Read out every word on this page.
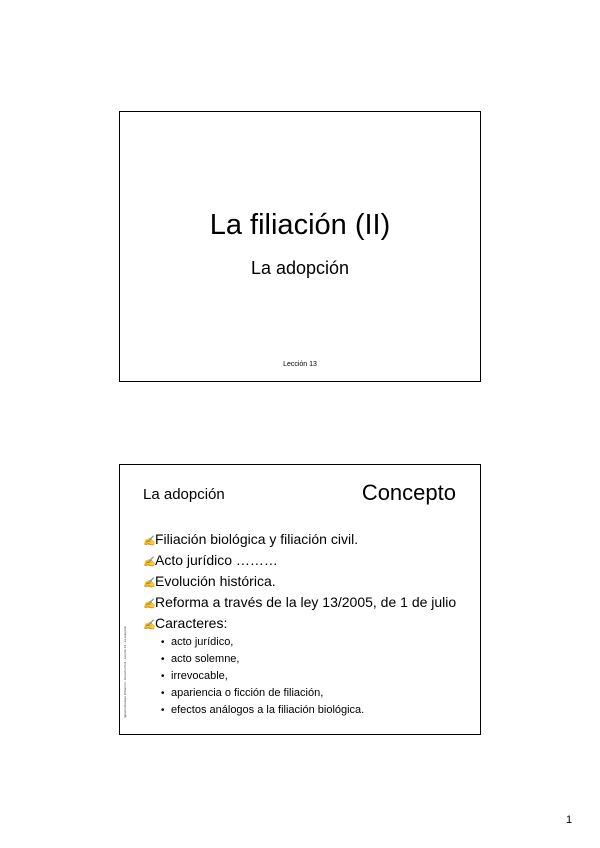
La filiación (II)
La adopción
Lección 13
La adopción	Concepto
Ignacio Moralejo Imbernón · Derecho Civil · Lección 13 · La adopción
✍Filiación biológica y filiación civil.
✍Acto jurídico ………
✍Evolución histórica.
✍Reforma a través de la ley 13/2005, de 1 de julio
✍Caracteres:
• acto jurídico,
• acto solemne,
• irrevocable,
• apariencia o ficción de filiación,
• efectos análogos a la filiación biológica.
1
